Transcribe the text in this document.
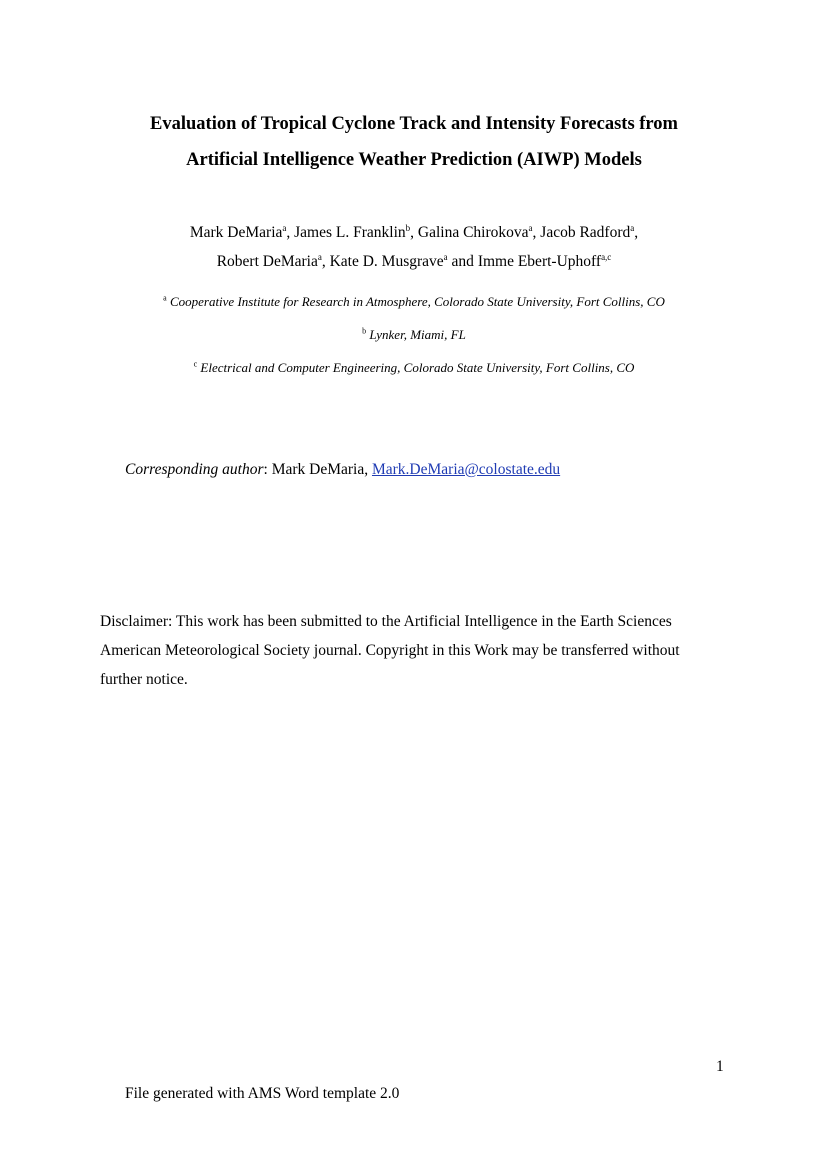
Evaluation of Tropical Cyclone Track and Intensity Forecasts from
Artificial Intelligence Weather Prediction (AIWP) Models
Mark DeMaria$^a$, James L. Franklin$^b$, Galina Chirokova$^a$, Jacob Radford$^a$,
Robert DeMaria$^a$, Kate D. Musgrave$^a$ and Imme Ebert-Uphoff$^{a,c}$
$^a$ Cooperative Institute for Research in Atmosphere, Colorado State University, Fort Collins, CO
$^b$ Lynker, Miami, FL
$^c$ Electrical and Computer Engineering, Colorado State University, Fort Collins, CO
Corresponding author: Mark DeMaria, Mark.DeMaria@colostate.edu
Disclaimer: This work has been submitted to the Artificial Intelligence in the Earth Sciences
American Meteorological Society journal. Copyright in this Work may be transferred without
further notice.
1
File generated with AMS Word template 2.0
